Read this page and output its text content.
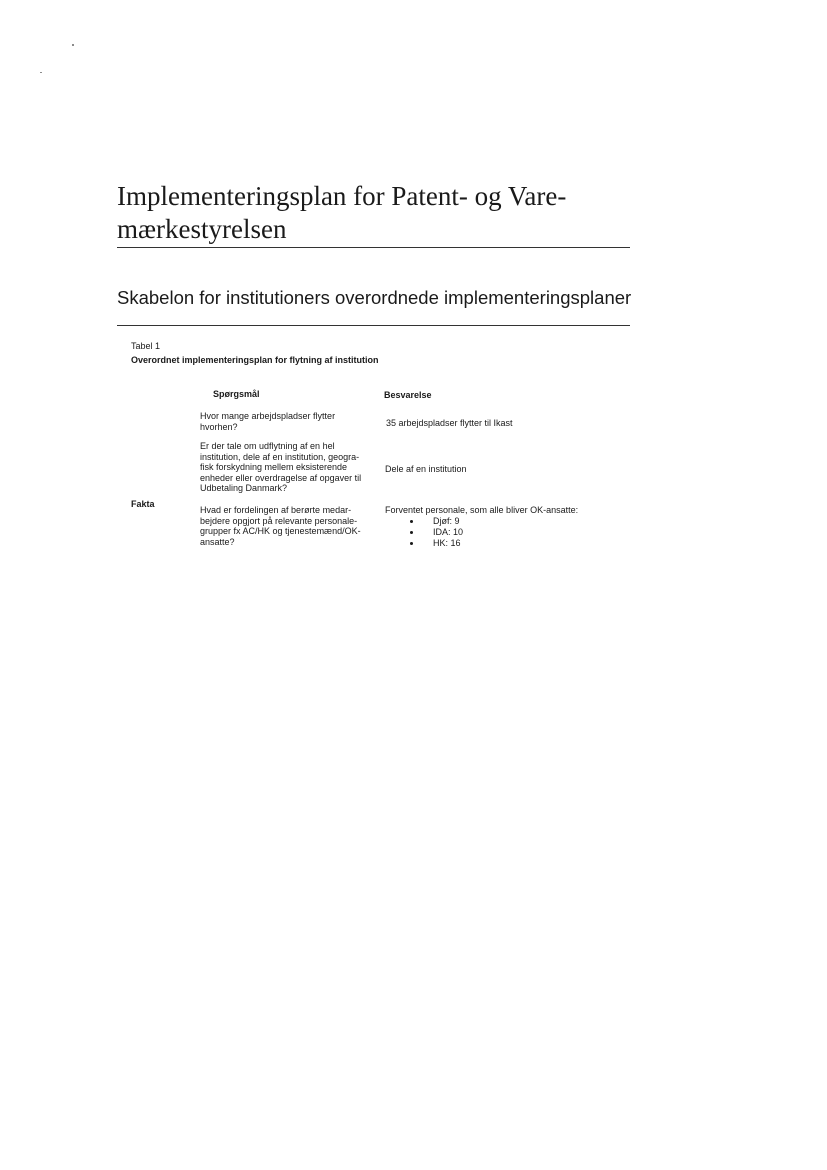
Implementeringsplan for Patent- og Vare-
mærkestyrelsen
Skabelon for institutioners overordnede implementeringsplaner
Tabel 1
Overordnet implementeringsplan for flytning af institution
Spørgsmål	Besvarelse
Hvor mange arbejdspladser flytter
hvorhen?	35 arbejdspladser flytter til Ikast
Er der tale om udflytning af en hel
institution, dele af en institution, geogra-
fisk forskydning mellem eksisterende
enheder eller overdragelse af opgaver til
Udbetaling Danmark?
Dele af en institution
Fakta
Hvad er fordelingen af berørte medar-
bejdere opgjort på relevante personale-
grupper fx AC/HK og tjenestemænd/OK-
ansatte?
Forventet personale, som alle bliver OK-ansatte:
Djøf: 9
IDA: 10
HK: 16
